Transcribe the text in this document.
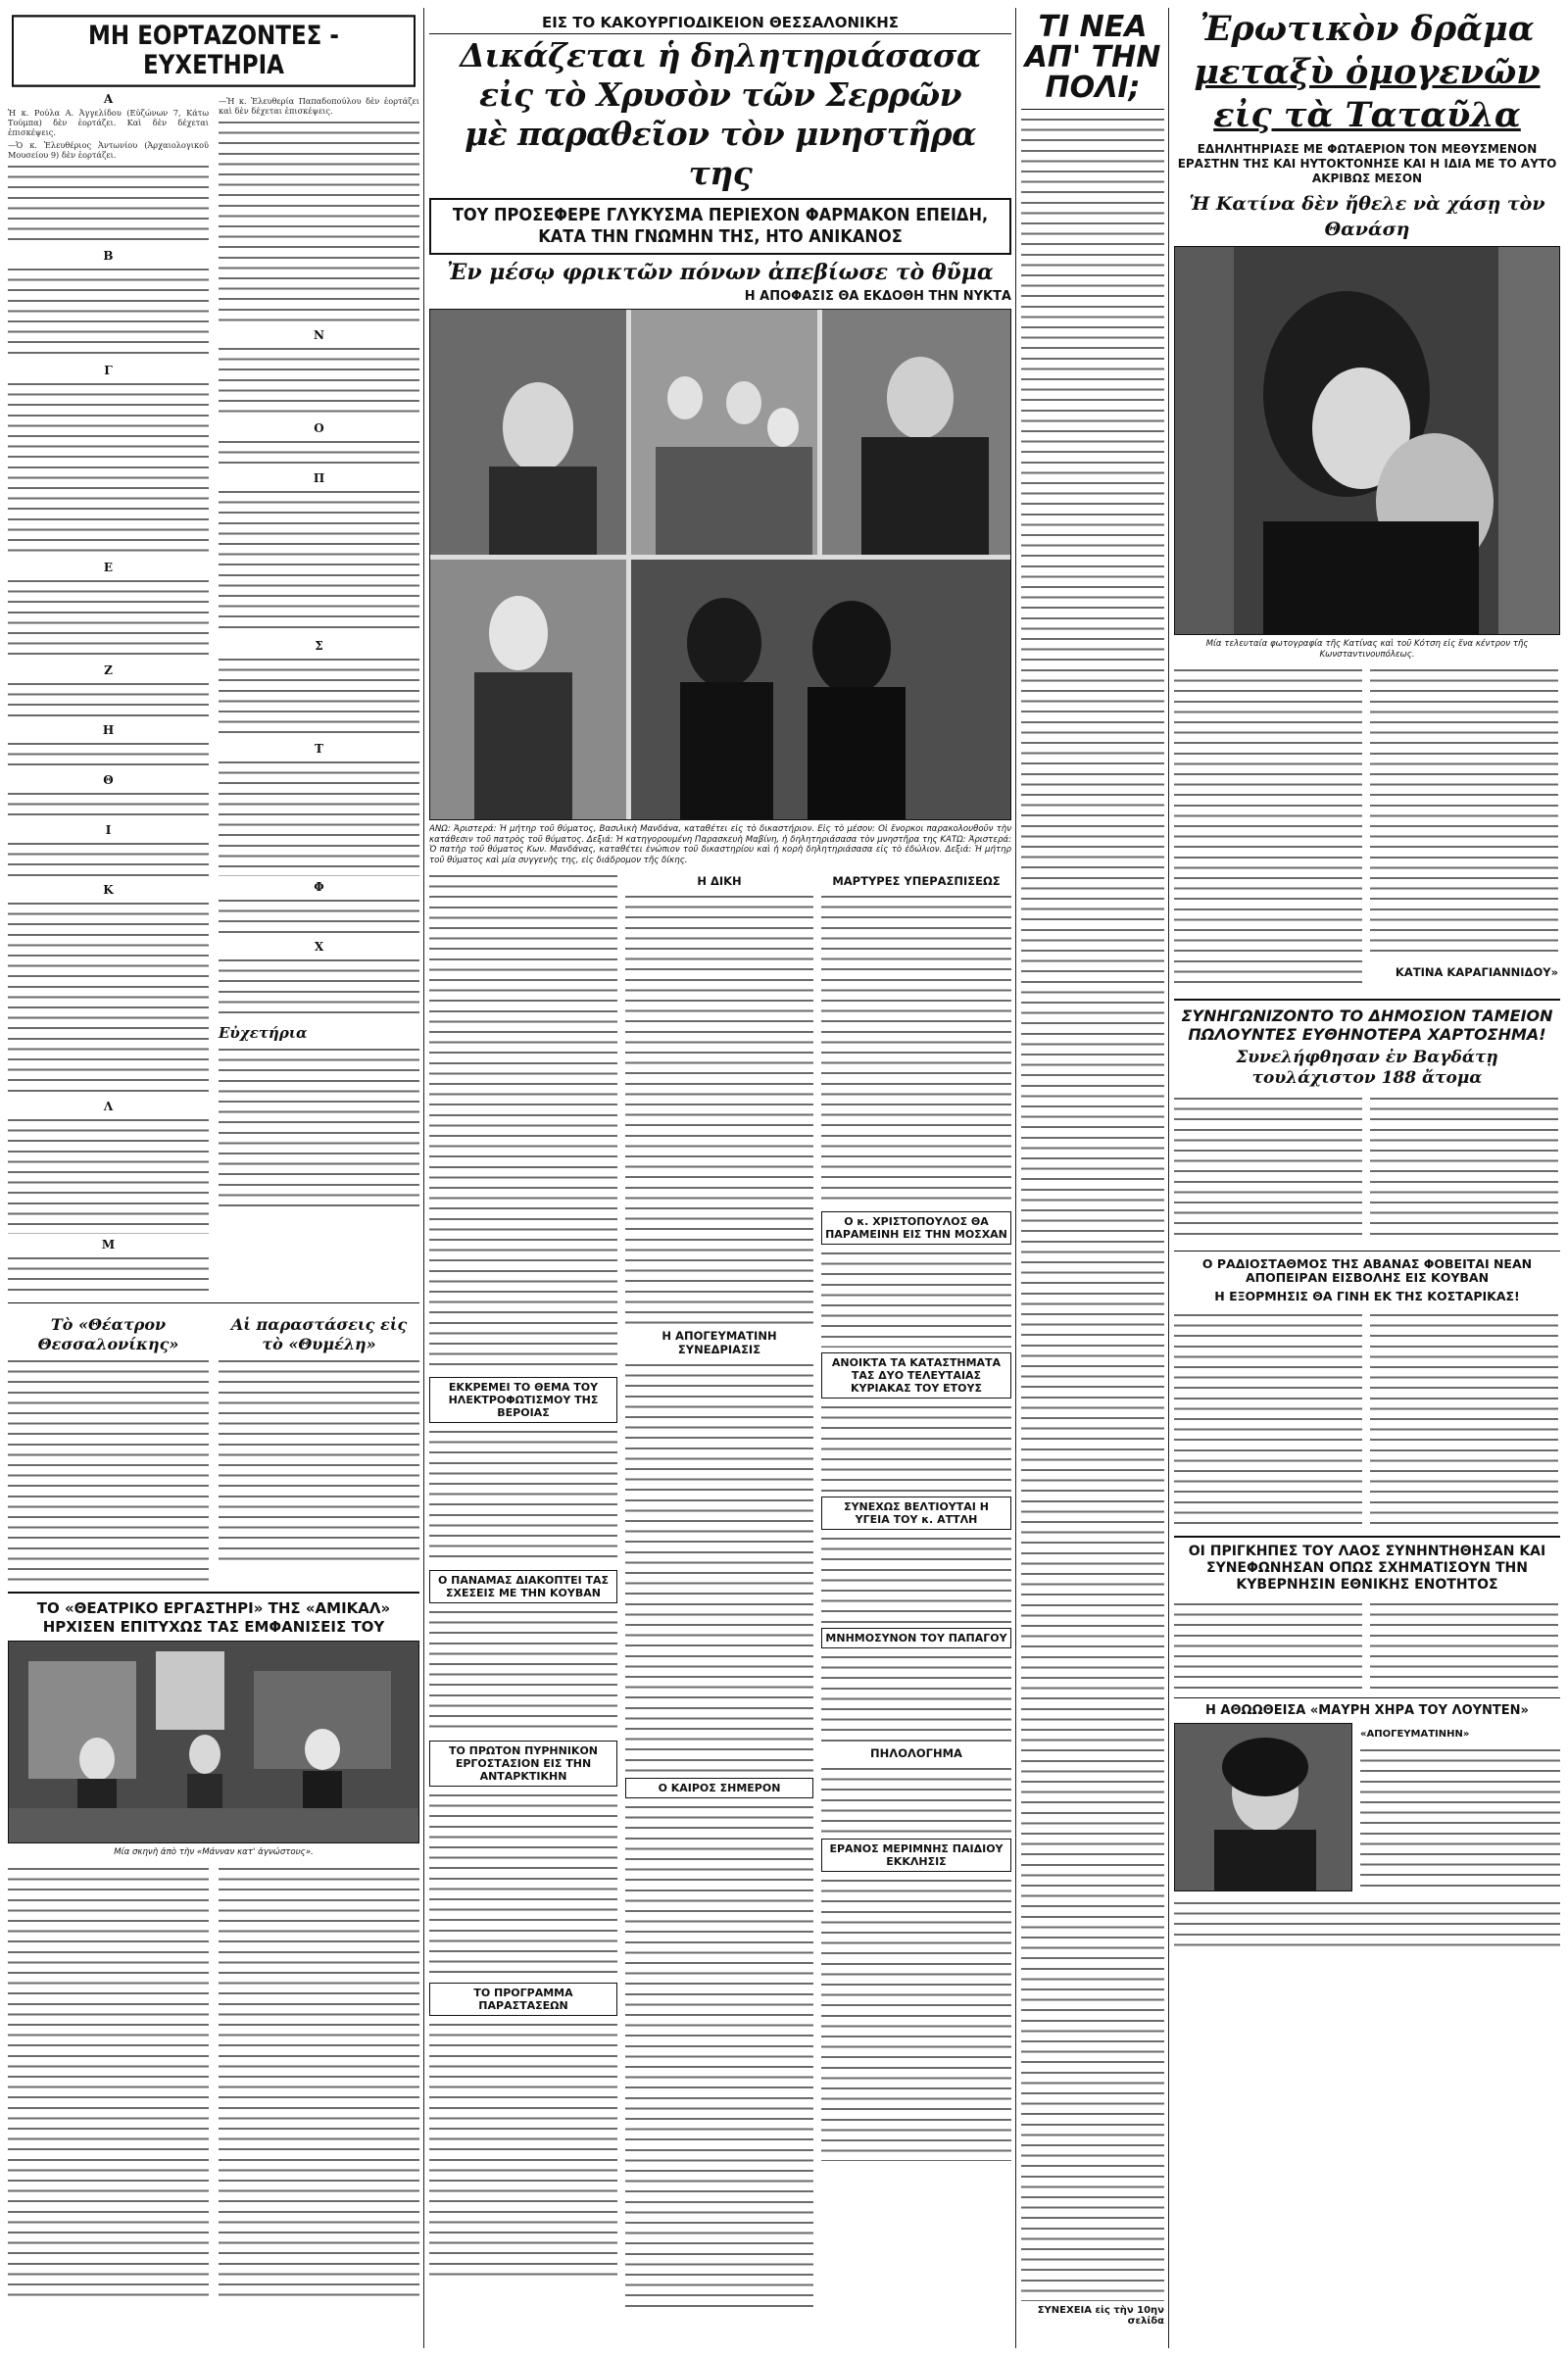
ΜΗ ΕΟΡΤΑΖΟΝΤΕΣ - ΕΥΧΕΤΗΡΙΑ
Α

Ἡ κ. Ρούλα Α. Ἀγγελίδου (Εὐζώνων 7, Κάτω Τούμπα) δὲν ἑορτάζει. Καὶ δὲν δέχεται ἐπισκέψεις.

—Ὁ κ. Ἐλευθέριος Ἀντωνίου (Ἀρχαιολογικοῦ Μουσείου 9) δὲν ἑορτάζει.

Β
Γ
Ε
Ζ
Η
Θ
Ι
Κ
Λ
Μ

—Ἡ κ. Ἐλευθερία Παπαδοπούλου δὲν ἑορτάζει καὶ δὲν δέχεται ἐπισκέψεις.

Ν
Ο
Π
Σ
Τ
Φ
Χ
Εὐχετήρια
Τὸ «Θέατρον Θεσσαλονίκης»
Αἱ παραστάσεις εἰς τὸ «Θυμέλη»
ΤΟ «ΘΕΑΤΡΙΚΟ ΕΡΓΑΣΤΗΡΙ» ΤΗΣ «ΑΜΙΚΑΛ» ΗΡΧΙΣΕΝ ΕΠΙΤΥΧΩΣ ΤΑΣ ΕΜΦΑΝΙΣΕΙΣ ΤΟΥ
Μία σκηνὴ ἀπὸ τὴν «Μάνναν κατ' ἀγνώστους».
ΕΙΣ ΤΟ ΚΑΚΟΥΡΓΙΟΔΙΚΕΙΟΝ ΘΕΣΣΑΛΟΝΙΚΗΣ
Δικάζεται ἡ δηλητηριάσασα
εἰς τὸ Χρυσὸν τῶν Σερρῶν
μὲ παραθεῖον τὸν μνηστῆρα της
ΤΟΥ ΠΡΟΣΕΦΕΡΕ ΓΛΥΚΥΣΜΑ ΠΕΡΙΕΧΟΝ ΦΑΡΜΑΚΟΝ ΕΠΕΙΔΗ, ΚΑΤΑ ΤΗΝ ΓΝΩΜΗΝ ΤΗΣ, ΗΤΟ ΑΝΙΚΑΝΟΣ
Ἐν μέσῳ φρικτῶν πόνων ἀπεβίωσε τὸ θῦμα
Η ΑΠΟΦΑΣΙΣ ΘΑ ΕΚΔΟΘΗ ΤΗΝ ΝΥΚΤΑ
ΑΝΩ: Ἀριστερά: Ἡ μήτηρ τοῦ θύματος, Βασιλικὴ Μανδάνα, καταθέτει εἰς τὸ δικαστήριον. Εἰς τὸ μέσον: Οἱ ἔνορκοι παρακολουθοῦν τὴν κατάθεσιν τοῦ πατρὸς τοῦ θύματος. Δεξιά: Ἡ κατηγορουμένη Παρασκευὴ Μαβίνη, ἡ δηλητηριάσασα τὸν μνηστῆρα της ΚΑΤΩ: Ἀριστερά: Ὁ πατὴρ τοῦ θύματος Κων. Μανδάνας, καταθέτει ἐνώπιον τοῦ δικαστηρίου καὶ ἡ κορὴ δηλητηριάσασα εἰς τὸ ἑδώλιον. Δεξιά: Ἡ μήτηρ τοῦ θύματος καὶ μία συγγενὴς της, εἰς διάδρομον τῆς δίκης.
ΕΚΚΡΕΜΕΙ ΤΟ ΘΕΜΑ ΤΟΥ ΗΛΕΚΤΡΟΦΩΤΙΣΜΟΥ ΤΗΣ ΒΕΡΟΙΑΣ
Ο ΠΑΝΑΜΑΣ ΔΙΑΚΟΠΤΕΙ ΤΑΣ ΣΧΕΣΕΙΣ ΜΕ ΤΗΝ ΚΟΥΒΑΝ
ΤΟ ΠΡΩΤΟΝ ΠΥΡΗΝΙΚΟΝ ΕΡΓΟΣΤΑΣΙΟΝ ΕΙΣ ΤΗΝ ΑΝΤΑΡΚΤΙΚΗΝ
ΤΟ ΠΡΟΓΡΑΜΜΑ ΠΑΡΑΣΤΑΣΕΩΝ
Η ΔΙΚΗ
Η ΑΠΟΓΕΥΜΑΤΙΝΗ ΣΥΝΕΔΡΙΑΣΙΣ
Ο ΚΑΙΡΟΣ ΣΗΜΕΡΟΝ
ΜΑΡΤΥΡΕΣ ΥΠΕΡΑΣΠΙΣΕΩΣ
Ο κ. ΧΡΙΣΤΟΠΟΥΛΟΣ ΘΑ ΠΑΡΑΜΕΙΝΗ ΕΙΣ ΤΗΝ ΜΟΣΧΑΝ
ΑΝΟΙΚΤΑ ΤΑ ΚΑΤΑΣΤΗΜΑΤΑ ΤΑΣ ΔΥΟ ΤΕΛΕΥΤΑΙΑΣ ΚΥΡΙΑΚΑΣ ΤΟΥ ΕΤΟΥΣ
ΣΥΝΕΧΩΣ ΒΕΛΤΙΟΥΤΑΙ Η ΥΓΕΙΑ ΤΟΥ κ. ΑΤΤΛΗ
ΜΝΗΜΟΣΥΝΟΝ ΤΟΥ ΠΑΠΑΓΟΥ
ΠΗΛΟΛΟΓΗΜΑ
ΕΡΑΝΟΣ ΜΕΡΙΜΝΗΣ ΠΑΙΔΙΟΥ ΕΚΚΛΗΣΙΣ
ΤΙ ΝΕΑ ΑΠ' ΤΗΝ ΠΟΛΙ;
ΣΥΝΕΧΕΙΑ εἰς τὴν 10ην σελίδα
Ἐρωτικὸν δρᾶμα
μεταξὺ ὁμογενῶν
εἰς τὰ Ταταῦλα
ΕΔΗΛΗΤΗΡΙΑΣΕ ΜΕ ΦΩΤΑΕΡΙΟΝ ΤΟΝ ΜΕΘΥΣΜΕΝΟΝ ΕΡΑΣΤΗΝ ΤΗΣ ΚΑΙ ΗΥΤΟΚΤΟΝΗΣΕ ΚΑΙ Η ΙΔΙΑ ΜΕ ΤΟ ΑΥΤΟ ΑΚΡΙΒΩΣ ΜΕΣΟΝ
Ἡ Κατίνα δὲν ἤθελε νὰ χάσῃ τὸν Θανάση
Μία τελευταία φωτογραφία τῆς Κατίνας καὶ τοῦ Κότση εἰς ἕνα κέντρον τῆς Κωνσταντινουπόλεως.
ΚΑΤΙΝΑ ΚΑΡΑΓΙΑΝΝΙΔΟΥ»
ΣΥΝΗΓΩΝΙΖΟΝΤΟ ΤΟ ΔΗΜΟΣΙΟΝ ΤΑΜΕΙΟΝ ΠΩΛΟΥΝΤΕΣ ΕΥΘΗΝΟΤΕΡΑ ΧΑΡΤΟΣΗΜΑ!
Συνελήφθησαν ἐν Βαγδάτῃ τουλάχιστον 188 ἄτομα
Ο ΡΑΔΙΟΣΤΑΘΜΟΣ ΤΗΣ ΑΒΑΝΑΣ ΦΟΒΕΙΤΑΙ ΝΕΑΝ ΑΠΟΠΕΙΡΑΝ ΕΙΣΒΟΛΗΣ ΕΙΣ ΚΟΥΒΑΝ
Η ΕΞΟΡΜΗΣΙΣ ΘΑ ΓΙΝΗ ΕΚ ΤΗΣ ΚΟΣΤΑΡΙΚΑΣ!
ΟΙ ΠΡΙΓΚΗΠΕΣ ΤΟΥ ΛΑΟΣ ΣΥΝΗΝΤΗΘΗΣΑΝ ΚΑΙ ΣΥΝΕΦΩΝΗΣΑΝ ΟΠΩΣ ΣΧΗΜΑΤΙΣΟΥΝ ΤΗΝ ΚΥΒΕΡΝΗΣΙΝ ΕΘΝΙΚΗΣ ΕΝΟΤΗΤΟΣ
Η ΑΘΩΩΘΕΙΣΑ «ΜΑΥΡΗ ΧΗΡΑ ΤΟΥ ΛΟΥΝΤΕΝ»
«ΑΠΟΓΕΥΜΑΤΙΝΗΝ»
